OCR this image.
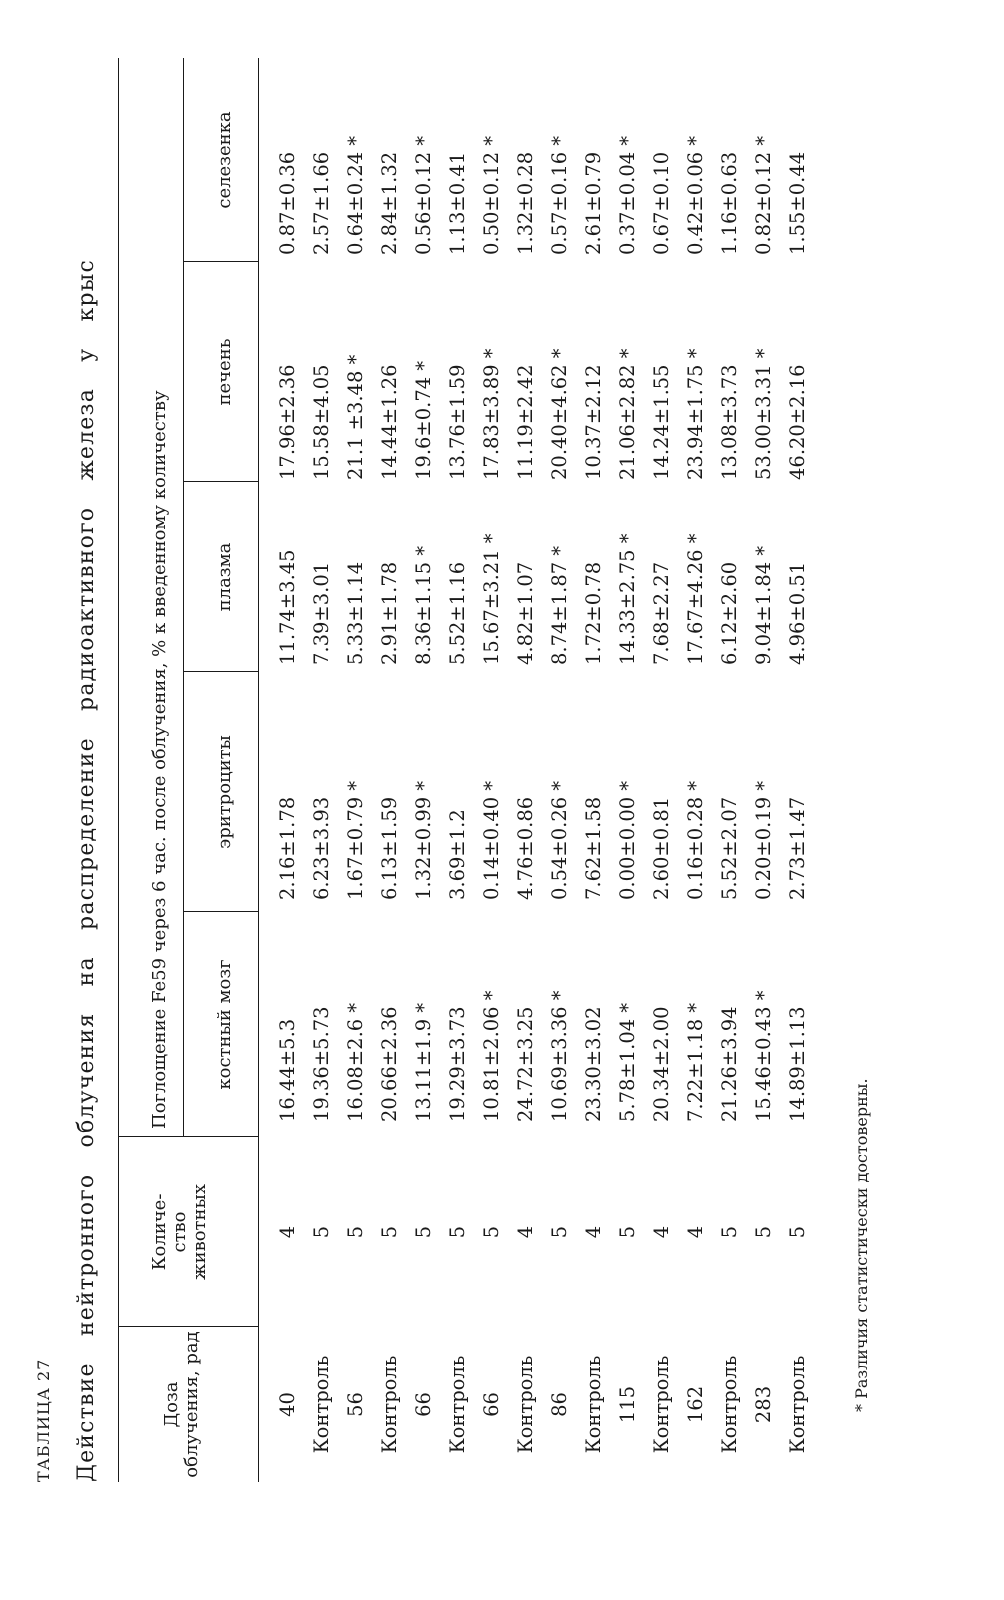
ТАБЛИЦА 27 Действие нейтронного облучения на распределение радиоактивного железа у крыс	Доза облучения, рад
Количе- ство животных
Поглощение Fe59 через 6 час. после облучения, % к введенному количеству костный мозг
эритроциты
плазма
печень
селезенка
40
4
16.44±5.3
2.16±1.78
11.74±3.45
17.96±2.36
0.87±0.36
Контроль
5
19.36±5.73
6.23±3.93
7.39±3.01
15.58±4.05
2.57±1.66
56
5
16.08±2.6 *
1.67±0.79 *
5.33±1.14
21.1 ±3.48 *
0.64±0.24 *
Контроль
5
20.66±2.36
6.13±1.59
2.91±1.78
14.44±1.26
2.84±1.32
66
5
13.11±1.9 *
1.32±0.99 *
8.36±1.15 *
19.6±0.74 *
0.56±0.12 *
Контроль
5
19.29±3.73
3.69±1.2
5.52±1.16
13.76±1.59
1.13±0.41
66
5
10.81±2.06 *
0.14±0.40 *
15.67±3.21 *
17.83±3.89 *
0.50±0.12 *
Контроль
4
24.72±3.25
4.76±0.86
4.82±1.07
11.19±2.42
1.32±0.28
86
5
10.69±3.36 *
0.54±0.26 *
8.74±1.87 *
20.40±4.62 *
0.57±0.16 *
Контроль
4
23.30±3.02
7.62±1.58
1.72±0.78
10.37±2.12
2.61±0.79
115
5
5.78±1.04 *
0.00±0.00 *
14.33±2.75 *
21.06±2.82 *
0.37±0.04 *
Контроль
4
20.34±2.00
2.60±0.81
7.68±2.27
14.24±1.55
0.67±0.10
162
4
7.22±1.18 *
0.16±0.28 *
17.67±4.26 *
23.94±1.75 *
0.42±0.06 *
Контроль
5
21.26±3.94
5.52±2.07
6.12±2.60
13.08±3.73
1.16±0.63
283
5
15.46±0.43 *
0.20±0.19 *
9.04±1.84 *
53.00±3.31 *
0.82±0.12 *
Контроль
5
14.89±1.13
2.73±1.47
4.96±0.51
46.20±2.16
1.55±0.44
* Различия статистически достоверны.
